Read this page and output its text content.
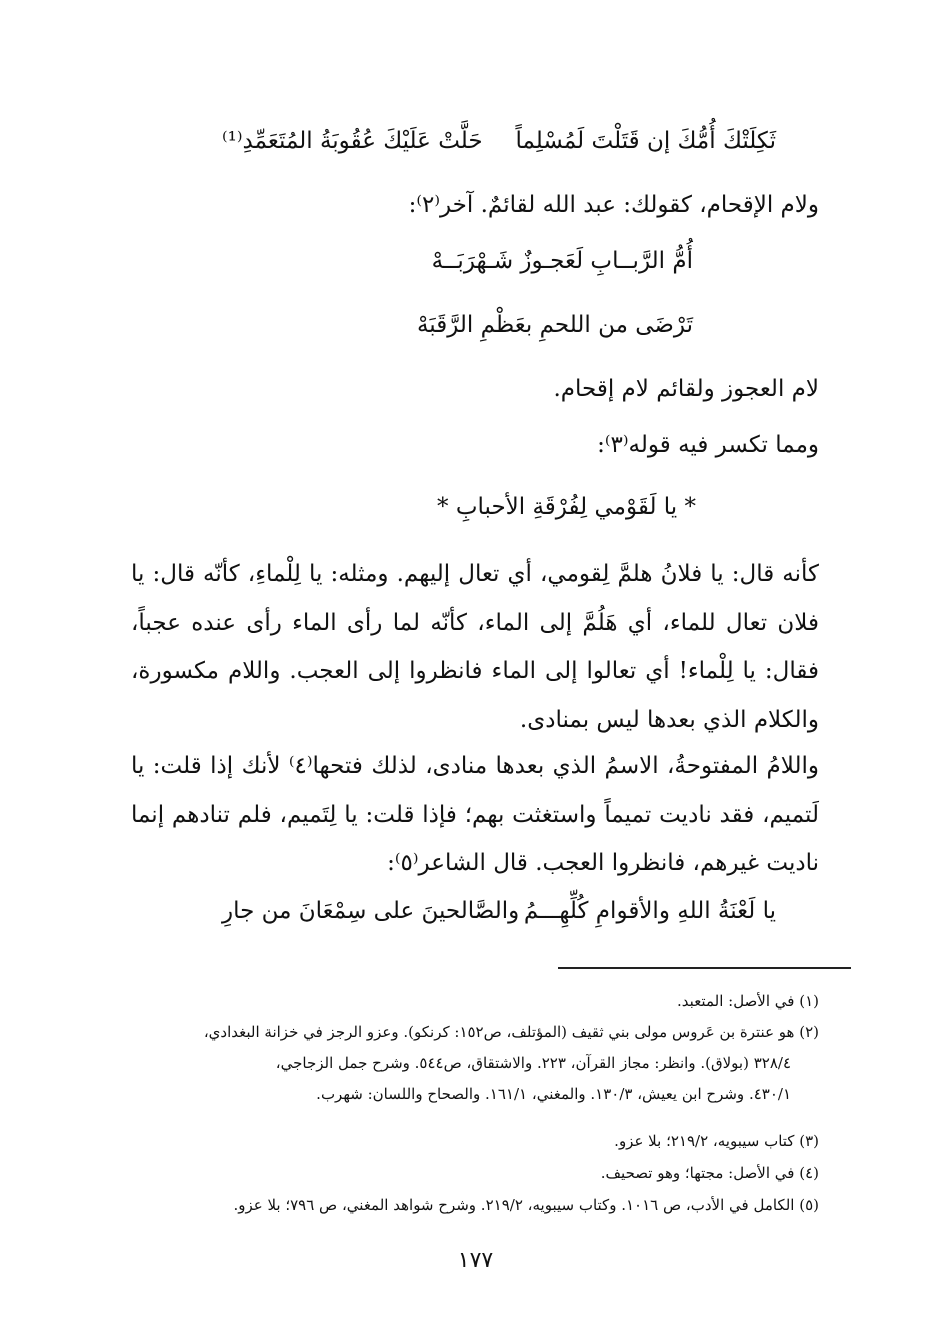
ثَكِلَتْكَ أُمُّكَ إن قَتَلْتَ لَمُسْلِماً
حَلَّتْ عَلَيْكَ عُقُوبَةُ المُتَعَمِّدِ⁽¹⁾
ولام الإقحام، كقولك: عبد الله لقائمٌ. آخر⁽٢⁾:
أُمُّ الرَّبــابِ لَعَجـوزٌ شَـهْرَبَــهْ
تَرْضَى من اللحمِ بعَظْمِ الرَّقَبَهْ
لام العجوز ولقائم لام إقحام.
ومما تكسر فيه قوله⁽٣⁾:
* يا لَقَوْمي لِفُرْقَةِ الأحبابِ *
كأنه قال: يا فلانُ هلمَّ لِقومي، أي تعال إليهم. ومثله: يا لِلْماءِ، كأنّه قال: يا فلان تعال للماء، أي هَلُمَّ إلى الماء، كأنّه لما رأى الماء رأى عنده عجباً، فقال: يا لِلْماء! أي تعالوا إلى الماء فانظروا إلى العجب. واللام مكسورة، والكلام الذي بعدها ليس بمنادى.
واللامُ المفتوحةُ، الاسمُ الذي بعدها منادى، لذلك فتحها⁽٤⁾ لأنك إذا قلت: يا لَتميم، فقد ناديت تميماً واستغثت بهم؛ فإذا قلت: يا لِتَميم، فلم تنادهم إنما ناديت غيرهم، فانظروا العجب. قال الشاعر⁽٥⁾:
يا لَعْنَةُ اللهِ والأقوامِ كُلِّهِـــمُ
والصَّالحينَ على سِمْعَانَ من جارِ
(١) في الأصل: المتعبد.
(٢) هو عنترة بن عَروس مولى بني ثقيف (المؤتلف، ص١٥٢: كرنكو). وعزو الرجز في خزانة البغدادي،
٣٢٨/٤ (بولاق). وانظر: مجاز القرآن، ٢٢٣. والاشتقاق، ص٥٤٤. وشرح جمل الزجاجي،
٤٣٠/١. وشرح ابن يعيش، ١٣٠/٣. والمغني، ١٦١/١. والصحاح واللسان: شهرب.
(٣) كتاب سيبويه، ٢١٩/٢؛ بلا عزو.
(٤) في الأصل: مجتها؛ وهو تصحيف.
(٥) الكامل في الأدب، ص ١٠١٦. وكتاب سيبويه، ٢١٩/٢. وشرح شواهد المغني، ص ٧٩٦؛ بلا عزو.
١٧٧
